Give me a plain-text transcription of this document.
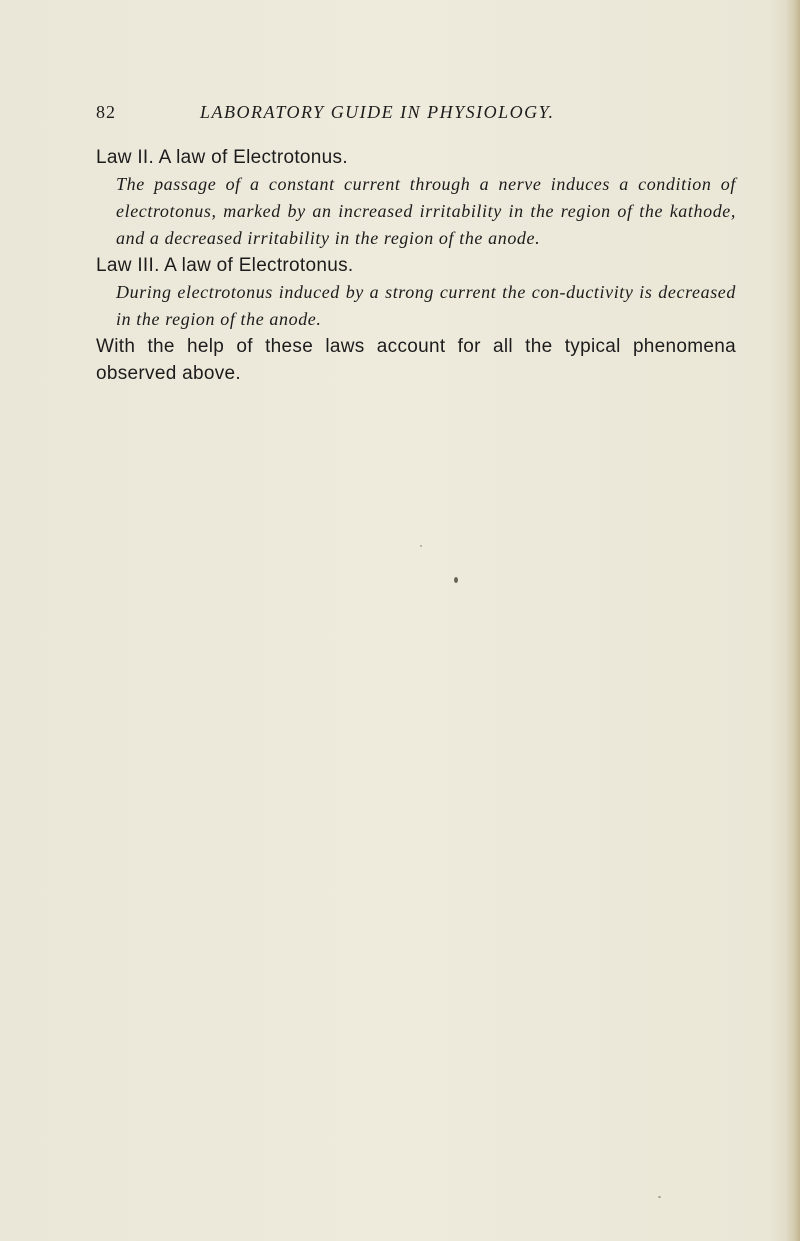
82	LABORATORY GUIDE IN PHYSIOLOGY.

Law II. A law of Electrotonus.

The passage of a constant current through a nerve induces a condition of electrotonus, marked by an increased irritability in the region of the kathode, and a decreased irritability in the region of the anode.

Law III. A law of Electrotonus.

During electrotonus induced by a strong current the con-ductivity is decreased in the region of the anode.

With the help of these laws account for all the typical phenomena observed above.
